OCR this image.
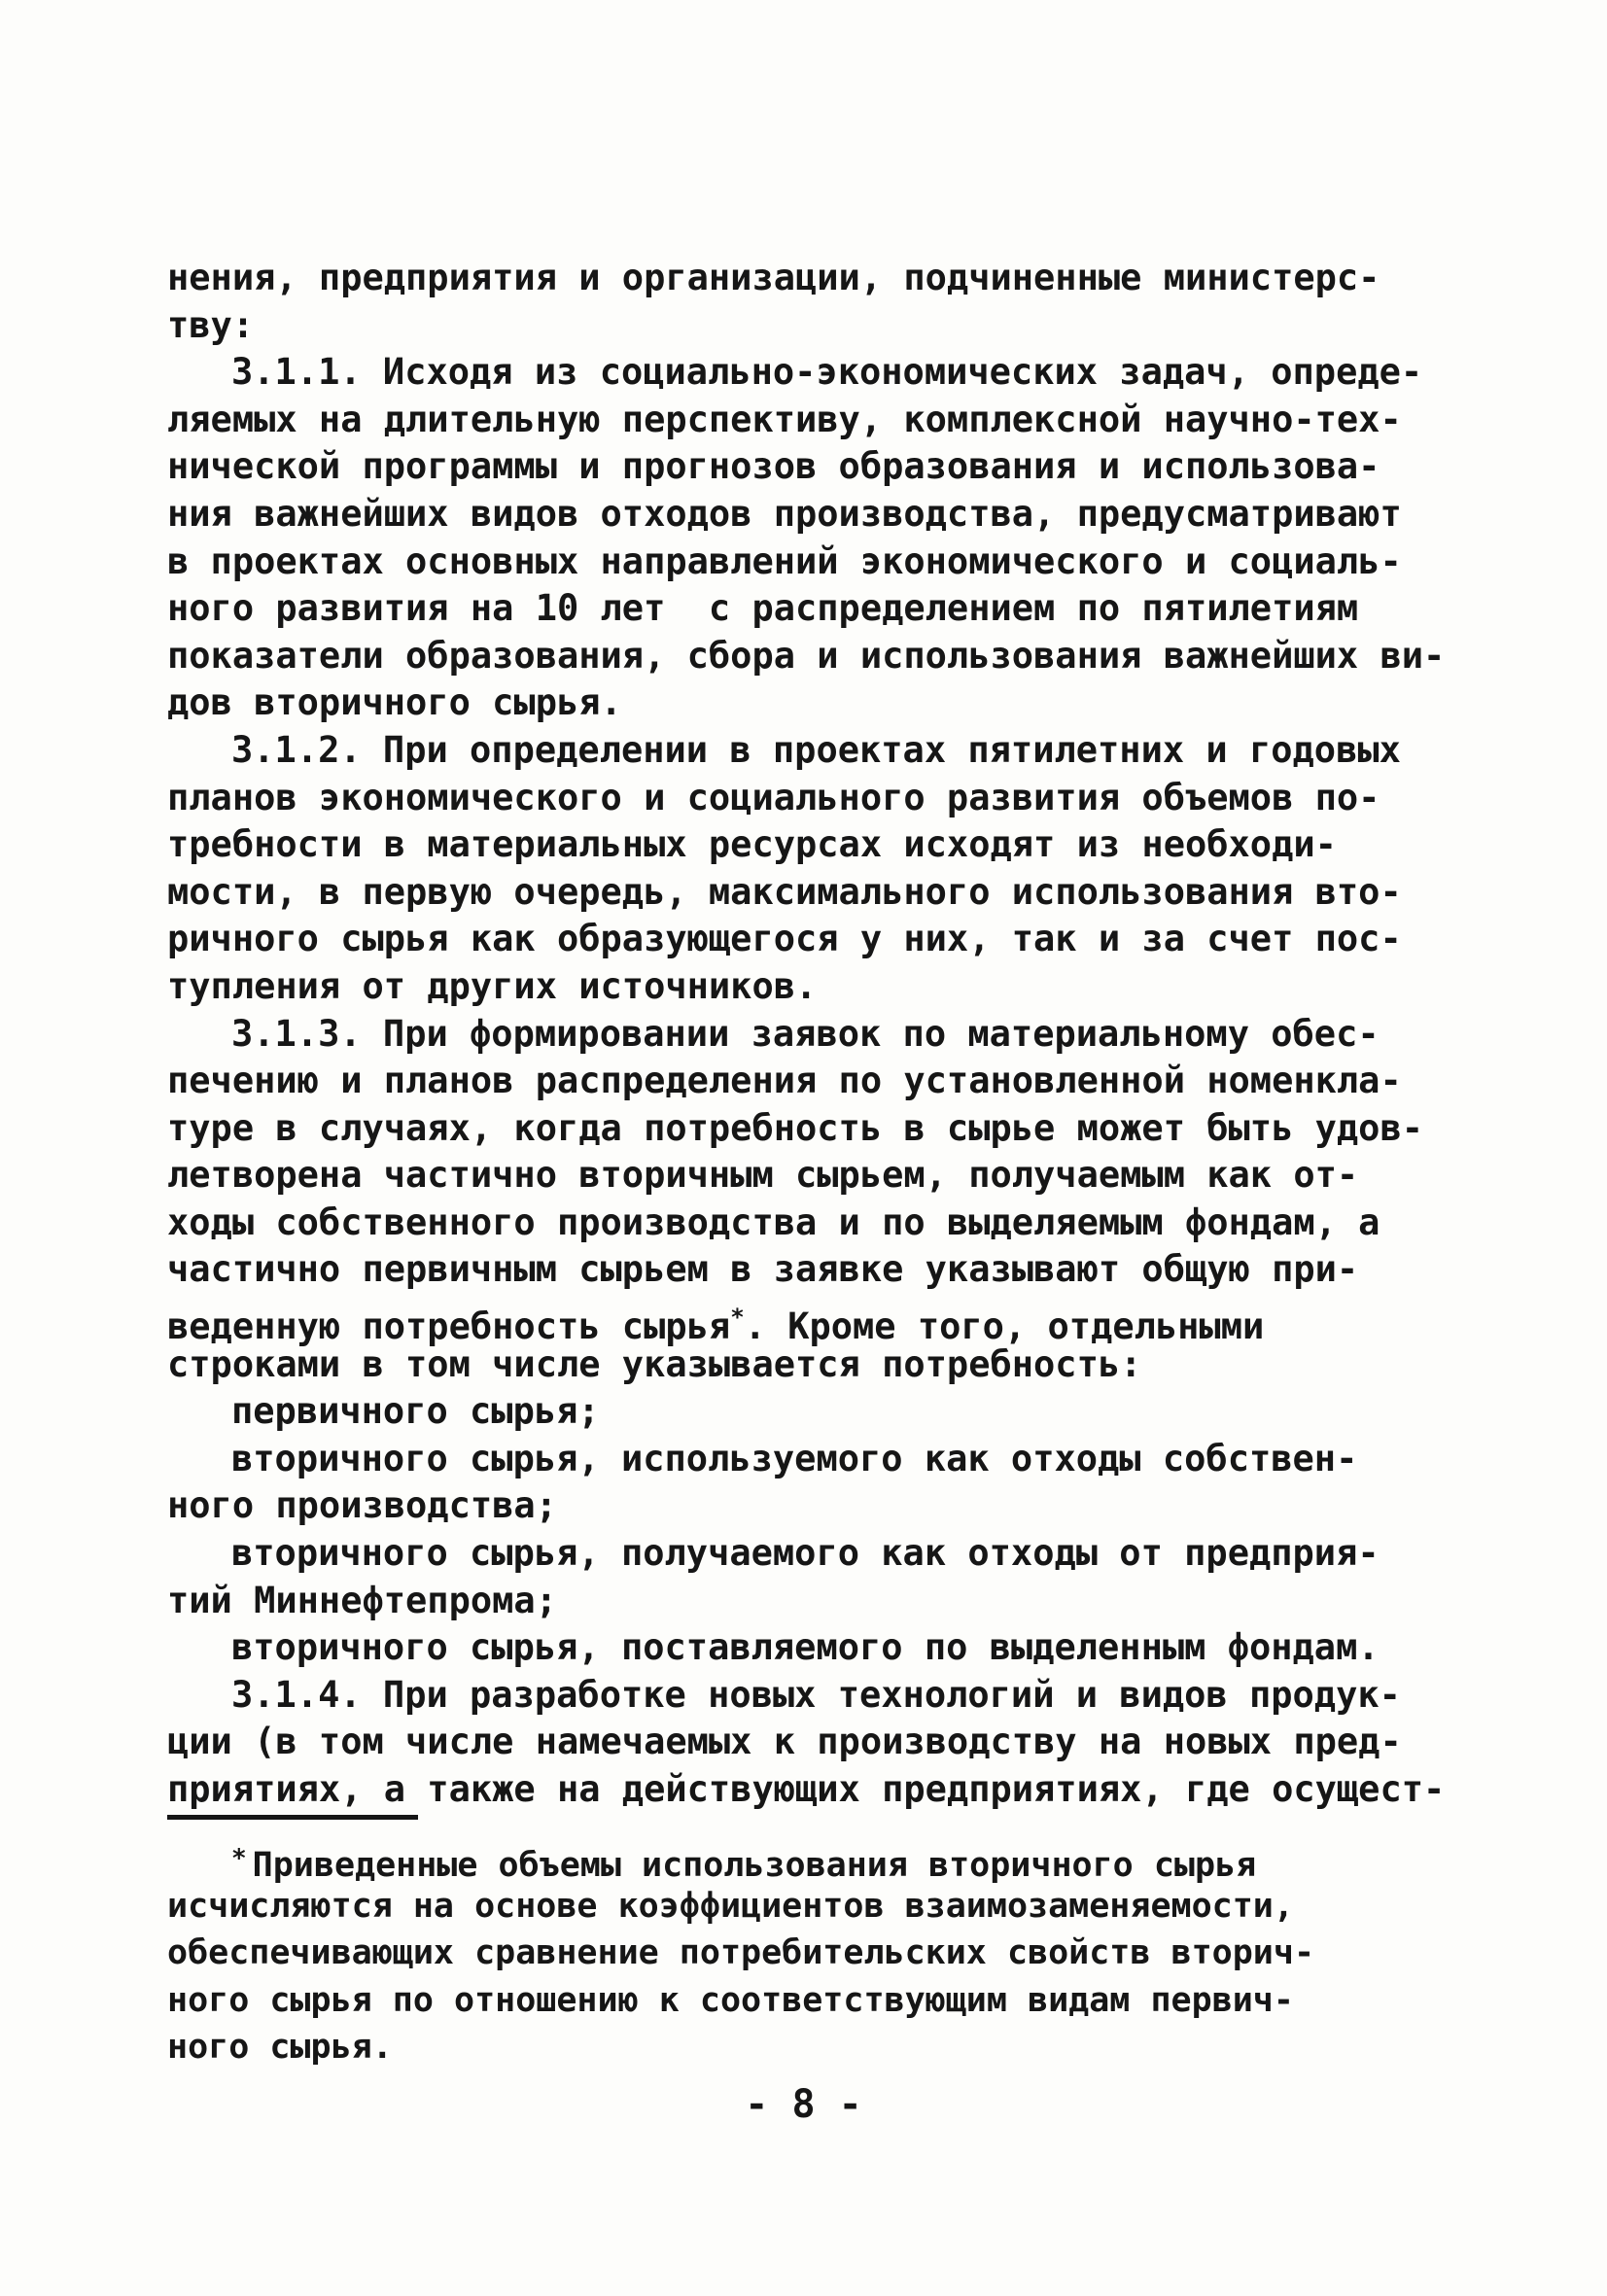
нения, предприятия и организации, подчиненные министерс-
тву:
3.1.1. Исходя из социально-экономических задач, опреде-
ляемых на длительную перспективу, комплексной научно-тех-
нической программы и прогнозов образования и использова-
ния важнейших видов отходов производства, предусматривают
в проектах основных направлений экономического и социаль-
ного развития на 10 лет  с распределением по пятилетиям
показатели образования, сбора и использования важнейших ви-
дов вторичного сырья.
3.1.2. При определении в проектах пятилетних и годовых
планов экономического и социального развития объемов по-
требности в материальных ресурсах исходят из необходи-
мости, в первую очередь, максимального использования вто-
ричного сырья как образующегося у них, так и за счет пос-
тупления от других источников.
3.1.3. При формировании заявок по материальному обес-
печению и планов распределения по установленной номенкла-
туре в случаях, когда потребность в сырье может быть удов-
летворена частично вторичным сырьем, получаемым как от-
ходы собственного производства и по выделяемым фондам, а
частично первичным сырьем в заявке указывают общую при-
веденную потребность сырья*. Кроме того, отдельными
строками в том числе указывается потребность:
первичного сырья;
вторичного сырья, используемого как отходы собствен-
ного производства;
вторичного сырья, получаемого как отходы от предприя-
тий Миннефтепрома;
вторичного сырья, поставляемого по выделенным фондам.
3.1.4. При разработке новых технологий и видов продук-
ции (в том числе намечаемых к производству на новых пред-
приятиях, а также на действующих предприятиях, где осущест-
* Приведенные объемы использования вторичного сырья
исчисляются на основе коэффициентов взаимозаменяемости,
обеспечивающих сравнение потребительских свойств вторич-
ного сырья по отношению к соответствующим видам первич-
ного сырья.
- 8 -
